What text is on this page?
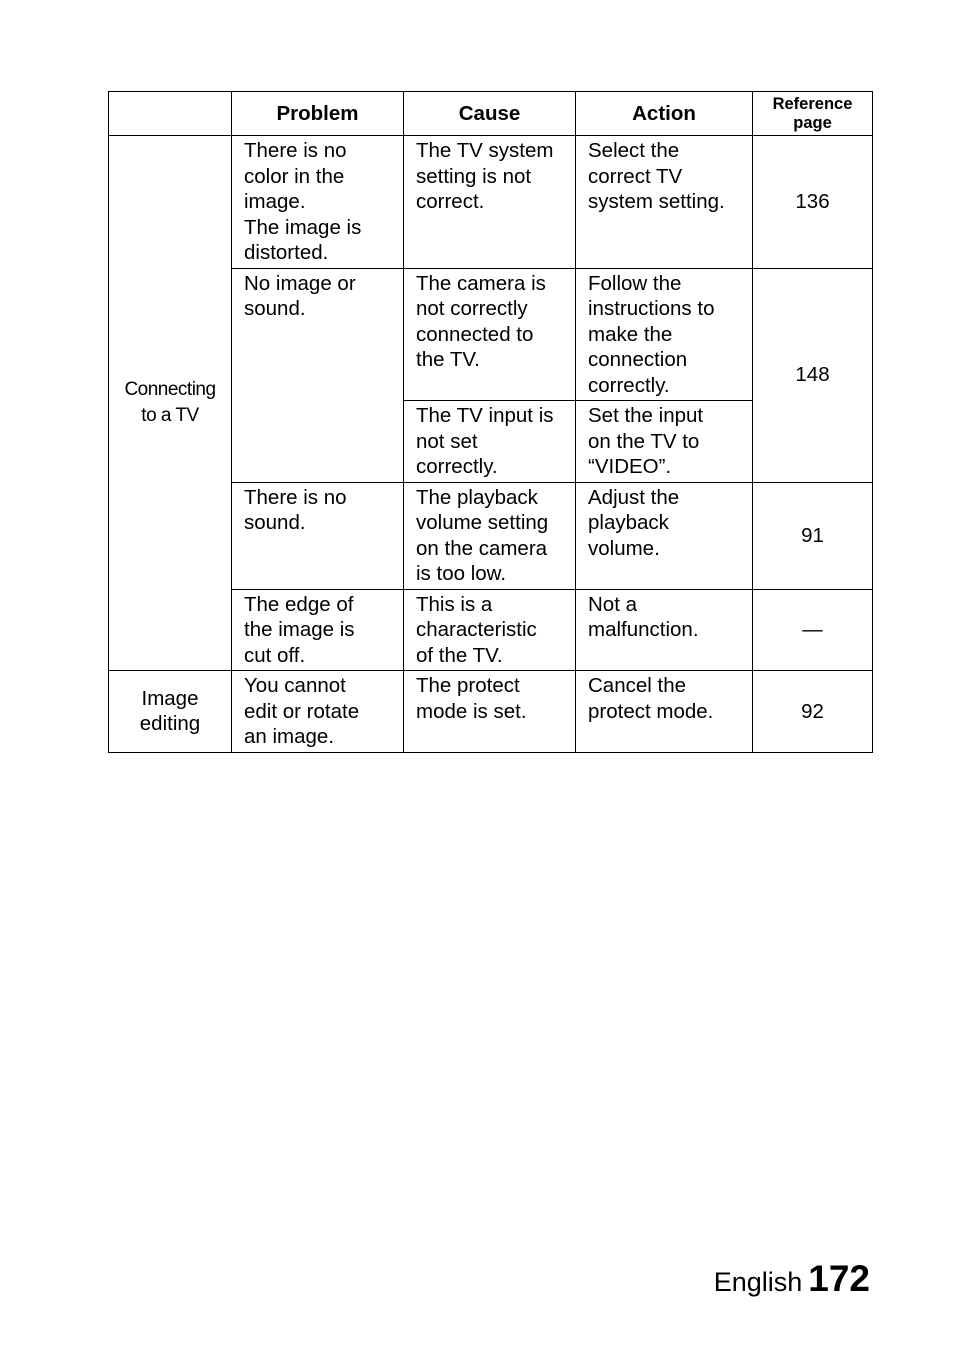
	Problem	Cause	Action	Reference
page
Connecting
to a TV	There is no
color in the
image.
The image is
distorted.	The TV system
setting is not
correct.	Select the
correct TV
system setting.	136
	No image or
sound.	The camera is
not correctly
connected to
the TV.	Follow the
instructions to
make the
connection
correctly.	148
		The TV input is
not set
correctly.	Set the input
on the TV to
“VIDEO”.	
	There is no
sound.	The playback
volume setting
on the camera
is too low.	Adjust the
playback
volume.	91
	The edge of
the image is
cut off.	This is a
characteristic
of the TV.	Not a
malfunction.	—
Image
editing	You cannot
edit or rotate
an image.	The protect
mode is set.	Cancel the
protect mode.	92
English 172
